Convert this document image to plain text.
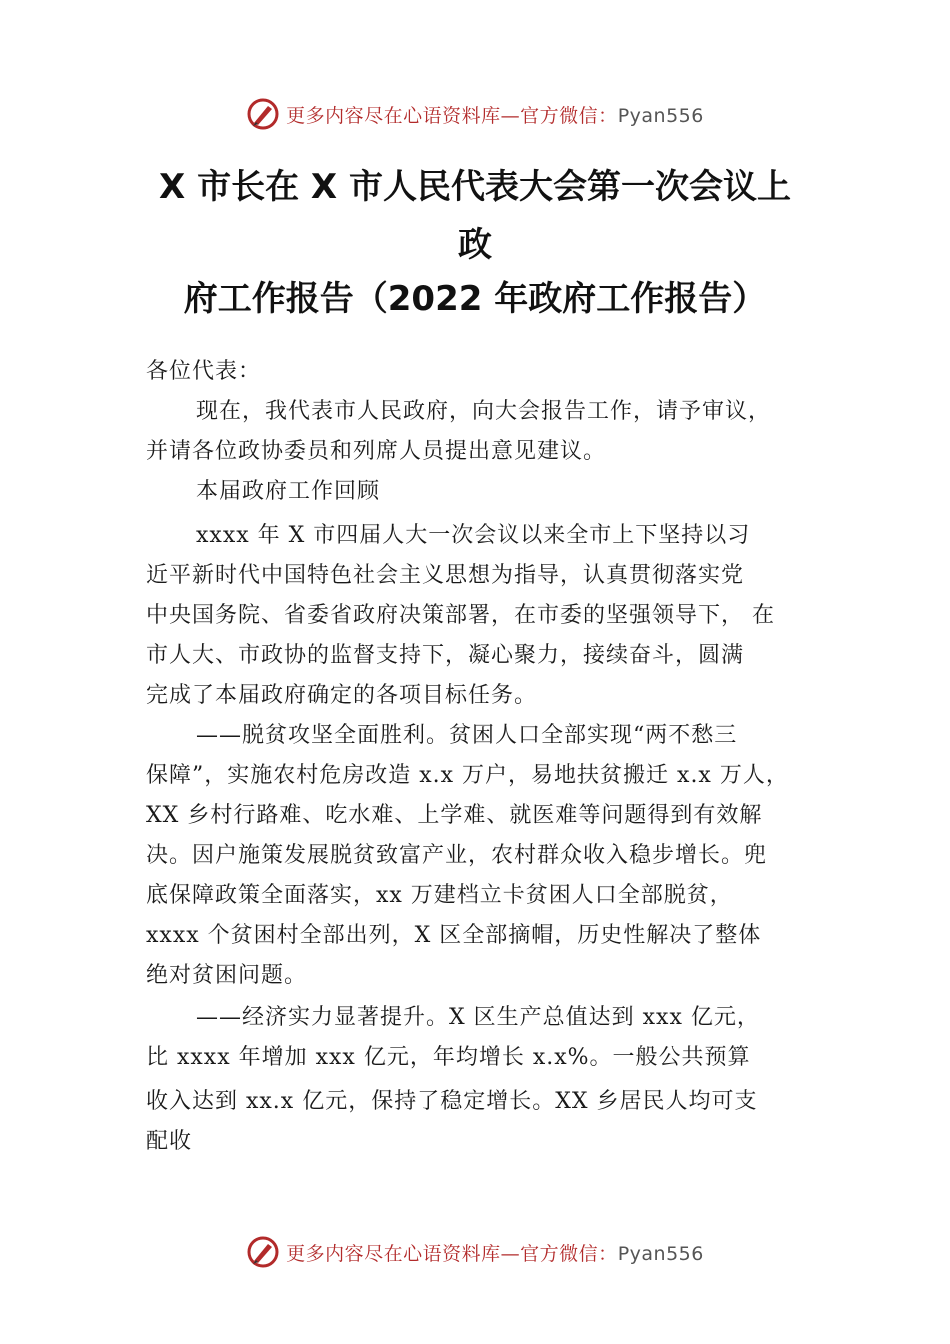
更多内容尽在心语资料库—官方微信：Pyan556
X 市长在 X 市人民代表大会第一次会议上
政
府工作报告（2022 年政府工作报告）
各位代表：
现在，我代表市人民政府，向大会报告工作，请予审议，
并请各位政协委员和列席人员提出意见建议。
本届政府工作回顾
xxxx 年 X 市四届人大一次会议以来全市上下坚持以习
近平新时代中国特色社会主义思想为指导，认真贯彻落实党
中央国务院、省委省政府决策部署，在市委的坚强领导下， 在
市人大、市政协的监督支持下，凝心聚力，接续奋斗，圆满
完成了本届政府确定的各项目标任务。
——脱贫攻坚全面胜利。贫困人口全部实现“两不愁三
保障”，实施农村危房改造 x.x 万户，易地扶贫搬迁 x.x 万人，
XX 乡村行路难、吃水难、上学难、就医难等问题得到有效解
决。因户施策发展脱贫致富产业，农村群众收入稳步增长。兜
底保障政策全面落实，xx 万建档立卡贫困人口全部脱贫，
xxxx 个贫困村全部出列，X 区全部摘帽，历史性解决了整体
绝对贫困问题。
——经济实力显著提升。X 区生产总值达到 xxx 亿元，
比 xxxx 年增加 xxx 亿元，年均增长 x.x%。一般公共预算
收入达到 xx.x 亿元，保持了稳定增长。XX 乡居民人均可支
配收
更多内容尽在心语资料库—官方微信：Pyan556
